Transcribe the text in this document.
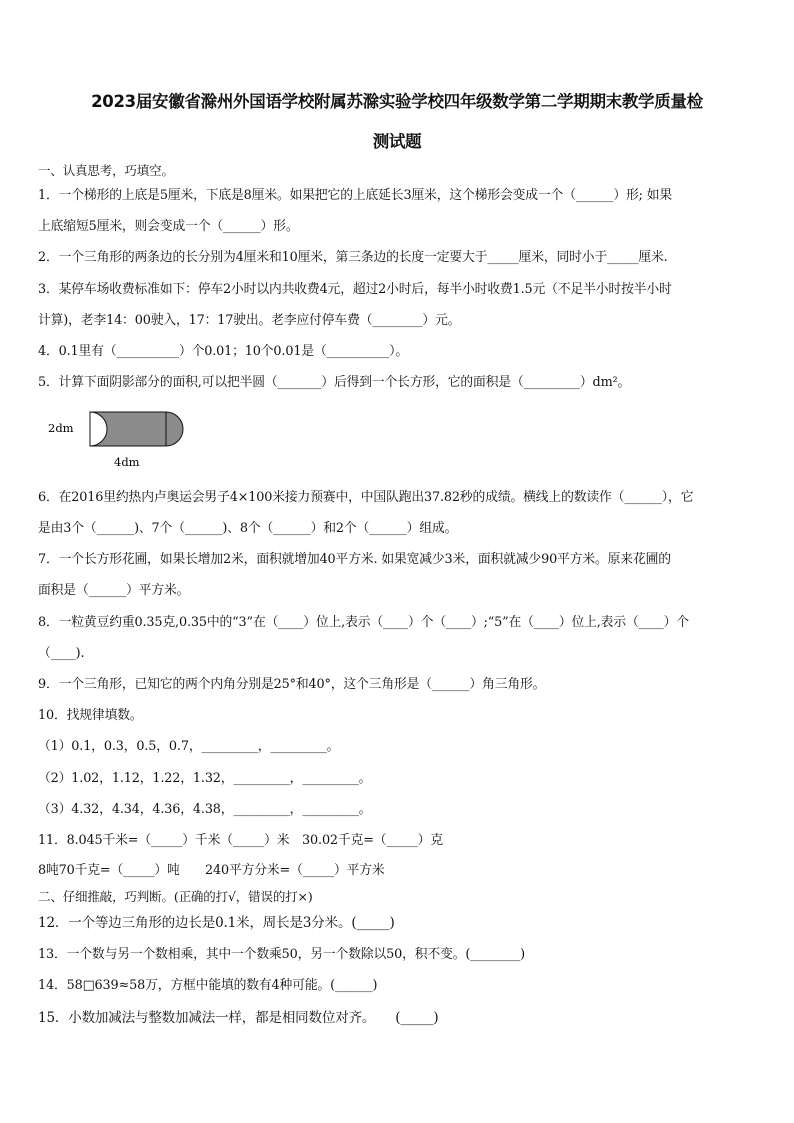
2023届安徽省滁州外国语学校附属苏滁实验学校四年级数学第二学期期末教学质量检
测试题
一、认真思考，巧填空。
1．一个梯形的上底是5厘米，下底是8厘米。如果把它的上底延长3厘米，这个梯形会变成一个（______）形; 如果
上底缩短5厘米，则会变成一个（______）形。
2．一个三角形的两条边的长分别为4厘米和10厘米，第三条边的长度一定要大于_____厘米，同时小于_____厘米.
3．某停车场收费标准如下：停车2小时以内共收费4元，超过2小时后，每半小时收费1.5元（不足半小时按半小时
计算)，老李14：00驶入，17：17驶出。老李应付停车费（________）元。
4．0.1里有（__________）个0.01；10个0.01是（__________）。
5．计算下面阴影部分的面积,可以把半圆（_______）后得到一个长方形，它的面积是（_________）dm²。
2dm
4dm
6．在2016里约热内卢奥运会男子4×100米接力预赛中，中国队跑出37.82秒的成绩。横线上的数读作（______），它
是由3个（______)、7个（______)、8个（______）和2个（______）组成。
7．一个长方形花圃，如果长增加2米，面积就增加40平方米. 如果宽减少3米，面积就减少90平方米。原来花圃的
面积是（______）平方米。
8．一粒黄豆约重0.35克,0.35中的“3”在（____）位上,表示（____）个（____）;“5”在（____）位上,表示（____）个
（____).
9．一个三角形，已知它的两个内角分别是25°和40°，这个三角形是（______）角三角形。
10．找规律填数。
（1）0.1，0.3，0.5，0.7，_________，_________。
（2）1.02，1.12，1.22，1.32，_________，_________。
（3）4.32，4.34，4.36，4.38，_________，_________。
11．8.045千米=（_____）千米（_____）米　30.02千克=（_____）克
8吨70千克=（_____）吨　　240平方分米=（_____）平方米
二、仔细推敲，巧判断。(正确的打√，错误的打×)
12．一个等边三角形的边长是0.1米，周长是3分米。(_____)
13．一个数与另一个数相乘，其中一个数乘50，另一个数除以50，积不变。(________)
14．58□639≈58万，方框中能填的数有4种可能。(______)
15．小数加减法与整数加减法一样，都是相同数位对齐。　　(_____)
